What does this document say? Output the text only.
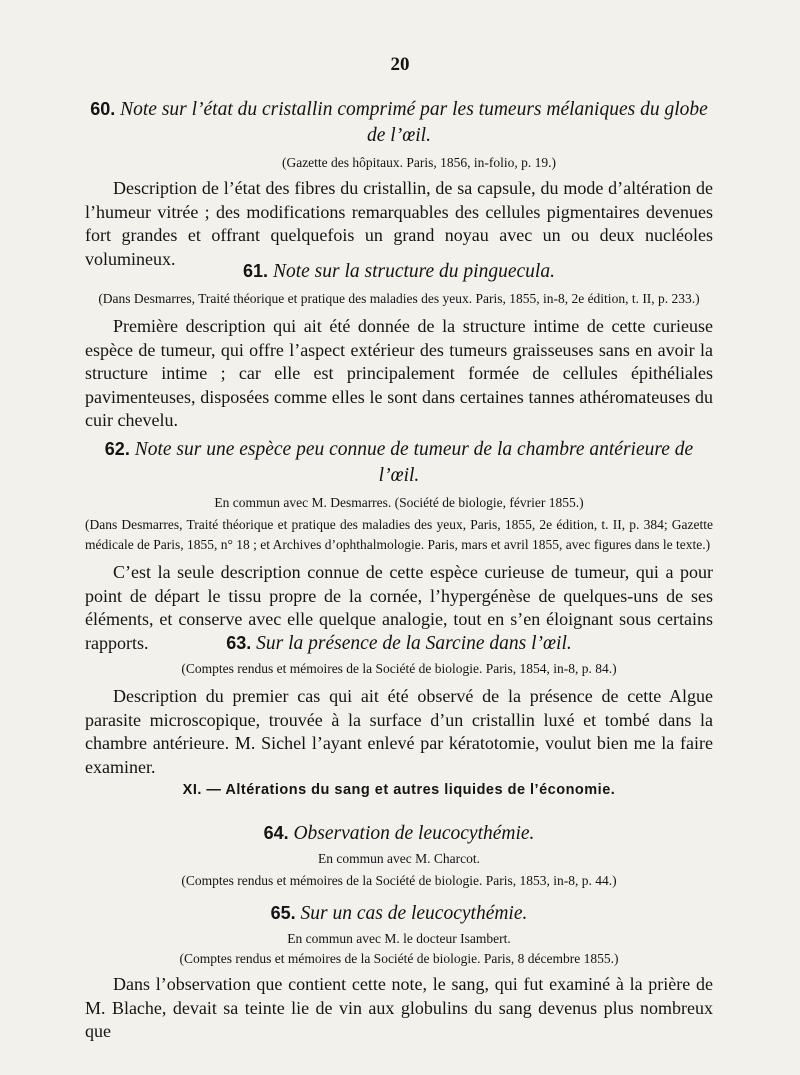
20

60. Note sur l’état du cristallin comprimé par les tumeurs mélaniques du globe de l’œil.

(Gazette des hôpitaux. Paris, 1856, in-folio, p. 19.)

Description de l’état des fibres du cristallin, de sa capsule, du mode d’altération de l’humeur vitrée ; des modifications remarquables des cellules pigmentaires devenues fort grandes et offrant quelquefois un grand noyau avec un ou deux nucléoles volumineux.

61. Note sur la structure du pinguecula.

(Dans Desmarres, Traité théorique et pratique des maladies des yeux. Paris, 1855, in-8, 2e édition, t. II, p. 233.)

Première description qui ait été donnée de la structure intime de cette curieuse espèce de tumeur, qui offre l’aspect extérieur des tumeurs graisseuses sans en avoir la structure intime ; car elle est principalement formée de cellules épithéliales pavimenteuses, disposées comme elles le sont dans certaines tannes athéromateuses du cuir chevelu.

62. Note sur une espèce peu connue de tumeur de la chambre antérieure de l’œil.

En commun avec M. Desmarres. (Société de biologie, février 1855.)

(Dans Desmarres, Traité théorique et pratique des maladies des yeux, Paris, 1855, 2e édition, t. II, p. 384; Gazette médicale de Paris, 1855, n° 18 ; et Archives d’ophthalmologie. Paris, mars et avril 1855, avec figures dans le texte.)

C’est la seule description connue de cette espèce curieuse de tumeur, qui a pour point de départ le tissu propre de la cornée, l’hypergénèse de quelques-uns de ses éléments, et conserve avec elle quelque analogie, tout en s’en éloignant sous certains rapports.	63. Sur la présence de la Sarcine dans l’œil.

(Comptes rendus et mémoires de la Société de biologie. Paris, 1854, in-8, p. 84.)

Description du premier cas qui ait été observé de la présence de cette Algue parasite microscopique, trouvée à la surface d’un cristallin luxé et tombé dans la chambre antérieure. M. Sichel l’ayant enlevé par kératotomie, voulut bien me la faire examiner.

XI. — Altérations du sang et autres liquides de l’économie.

64. Observation de leucocythémie.

En commun avec M. Charcot.

(Comptes rendus et mémoires de la Société de biologie. Paris, 1853, in-8, p. 44.)

65. Sur un cas de leucocythémie.

En commun avec M. le docteur Isambert.

(Comptes rendus et mémoires de la Société de biologie. Paris, 8 décembre 1855.)

Dans l’observation que contient cette note, le sang, qui fut examiné à la prière de M. Blache, devait sa teinte lie de vin aux globulins du sang devenus plus nombreux que
